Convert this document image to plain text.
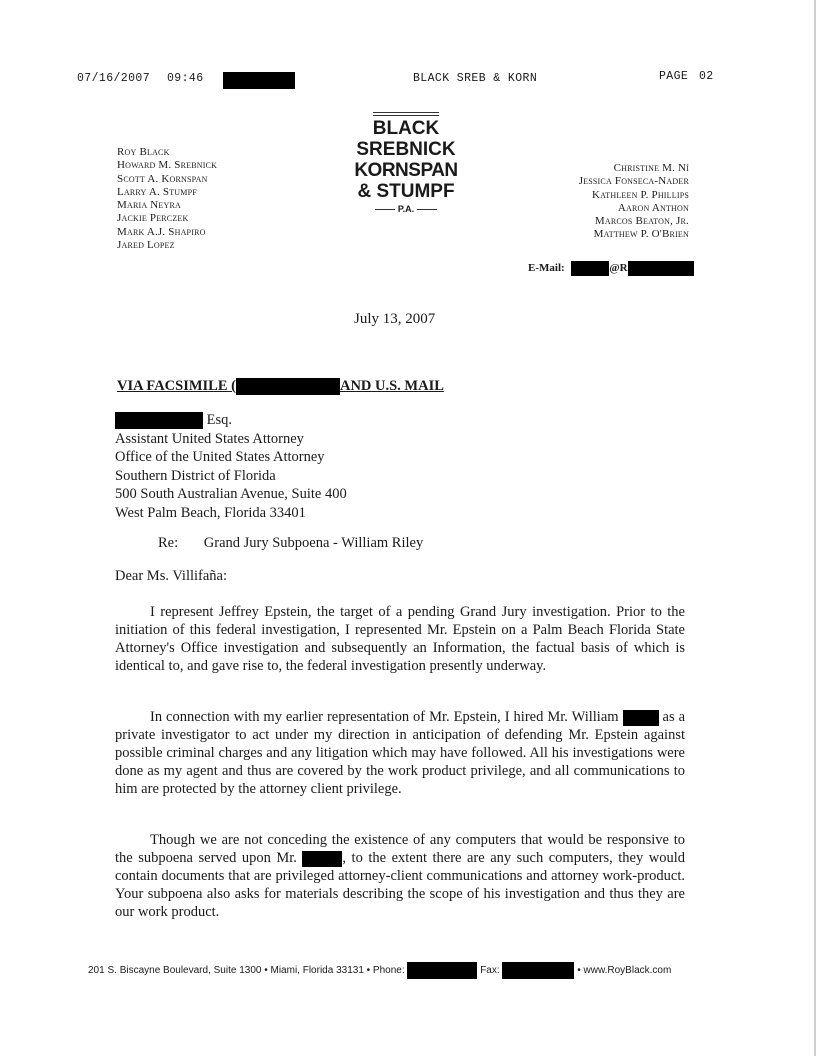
07/16/2007 09:46	BLACK SREB & KORN	PAGE 02
Roy Black
Howard M. Srebnick
Scott A. Kornspan
Larry A. Stumpf
Maria Neyra
Jackie Perczek
Mark A.J. Shapiro
Jared Lopez
BLACK
SREBNICK
KORNSPAN
& STUMPF
P.A.
Christine M. Ní
Jessica Fonseca-Nader
Kathleen P. Phillips
Aaron Anthon
Marcos Beaton, Jr.
Matthew P. O'Brien
E-Mail:	@R
July 13, 2007
VIA FACSIMILE (	AND U.S. MAIL
Esq.
Assistant United States Attorney
Office of the United States Attorney
Southern District of Florida
500 South Australian Avenue, Suite 400
West Palm Beach, Florida 33401
Re: Grand Jury Subpoena - William Riley
Dear Ms. Villifaña:
I represent Jeffrey Epstein, the target of a pending Grand Jury investigation. Prior to the initiation of this federal investigation, I represented Mr. Epstein on a Palm Beach Florida State Attorney's Office investigation and subsequently an Information, the factual basis of which is identical to, and gave rise to, the federal investigation presently underway.
In connection with my earlier representation of Mr. Epstein, I hired Mr. William	as a private investigator to act under my direction in anticipation of defending Mr. Epstein against possible criminal charges and any litigation which may have followed. All his investigations were done as my agent and thus are covered by the work product privilege, and all communications to him are protected by the attorney client privilege.
Though we are not conceding the existence of any computers that would be responsive to the subpoena served upon Mr.	, to the extent there are any such computers, they would contain documents that are privileged attorney-client communications and attorney work-product. Your subpoena also asks for materials describing the scope of his investigation and thus they are our work product.
201 S. Biscayne Boulevard, Suite 1300 • Miami, Florida 33131 • Phone:	Fax:	• www.RoyBlack.com
